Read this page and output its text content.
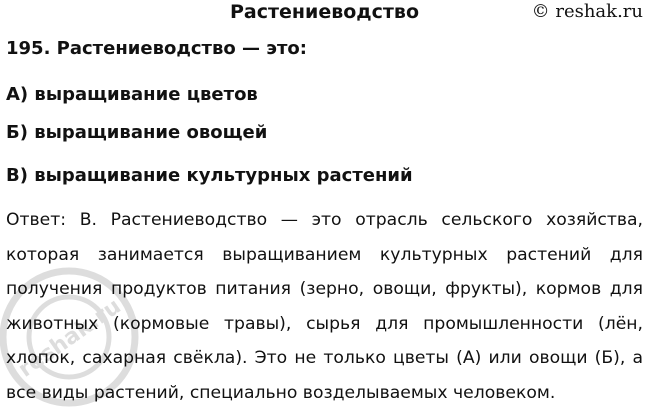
Растениеводство	© reshak.ru
195. Растениеводство — это:
А) выращивание цветов
Б) выращивание овощей
В) выращивание культурных растений
Ответ: В. Растениеводство — это отрасль сельского хозяйства, которая занимается выращиванием культурных растений для получения продуктов питания (зерно, овощи, фрукты), кормов для животных (кормовые травы), сырья для промышленности (лён, хлопок, сахарная свёкла). Это не только цветы (А) или овощи (Б), а все виды растений, специально возделываемых человеком.
reshak.ru
